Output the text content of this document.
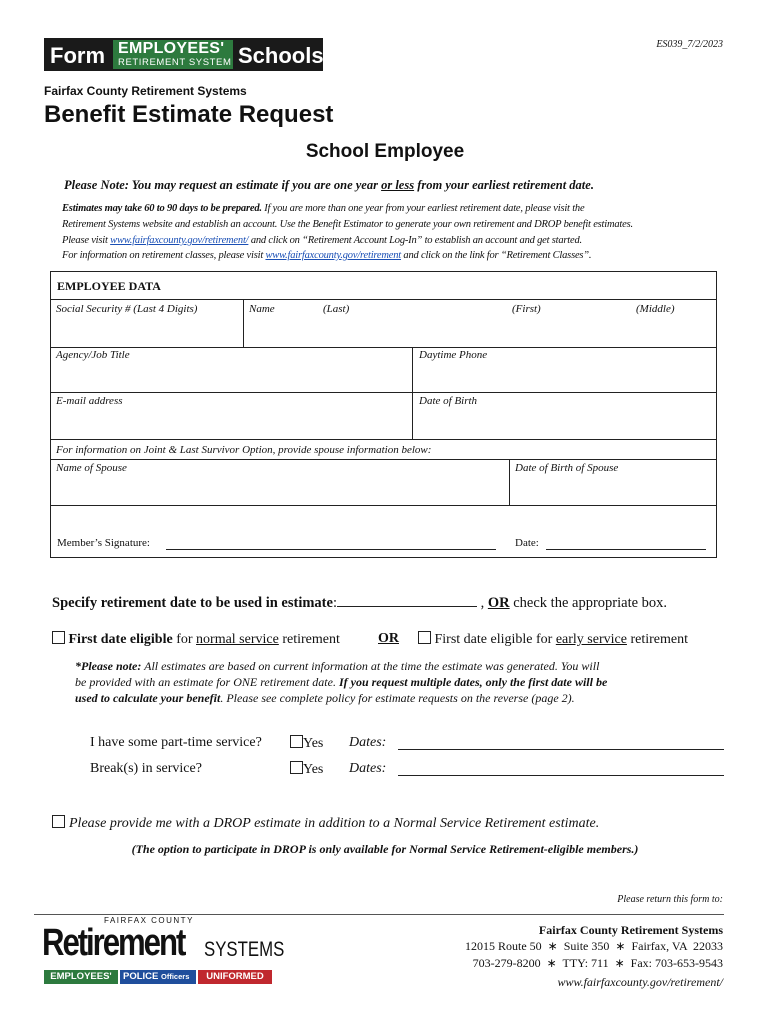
Form EMPLOYEES'
RETIREMENT SYSTEM Schools	ES039_7/2/2023
Fairfax County Retirement Systems
Benefit Estimate Request
School Employee
Please Note: You may request an estimate if you are one year or less from your earliest retirement date.
Estimates may take 60 to 90 days to be prepared. If you are more than one year from your earliest retirement date, please visit the
Retirement Systems website and establish an account. Use the Benefit Estimator to generate your own retirement and DROP benefit estimates.
Please visit www.fairfaxcounty.gov/retirement/ and click on “Retirement Account Log-In” to establish an account and get started.
For information on retirement classes, please visit www.fairfaxcounty.gov/retirement and click on the link for “Retirement Classes”.
EMPLOYEE DATA
Social Security # (Last 4 Digits)	Name	(Last)	(First)	(Middle)
Agency/Job Title	Daytime Phone
E-mail address	Date of Birth
For information on Joint & Last Survivor Option, provide spouse information below:
Name of Spouse	Date of Birth of Spouse
Member’s Signature:	Date:
Specify retirement date to be used in estimate:	, OR check the appropriate box.
First date eligible for normal service retirement	OR	First date eligible for early service retirement
*Please note: All estimates are based on current information at the time the estimate was generated. You will
be provided with an estimate for ONE retirement date. If you request multiple dates, only the first date will be
used to calculate your benefit. Please see complete policy for estimate requests on the reverse (page 2).
I have some part-time service?	Yes Dates:
Break(s) in service?	Yes Dates:
Please provide me with a DROP estimate in addition to a Normal Service Retirement estimate.
(The option to participate in DROP is only available for Normal Service Retirement-eligible members.)
Please return this form to:
FAIRFAX COUNTY
Retirement SYSTEMS
EMPLOYEES'	POLICE Officers	UNIFORMED
Fairfax County Retirement Systems
12015 Route 50  ∗  Suite 350  ∗  Fairfax, VA  22033
703-279-8200  ∗  TTY: 711  ∗  Fax: 703-653-9543
www.fairfaxcounty.gov/retirement/
